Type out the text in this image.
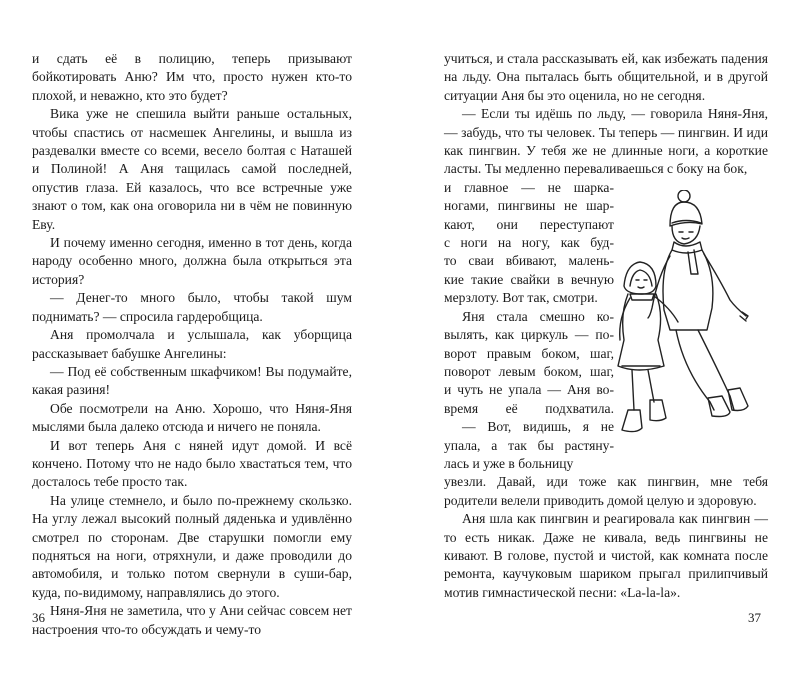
и сдать её в полицию, теперь призывают бойкотировать Аню? Им что, просто нужен кто-то плохой, и неважно, кто это будет?

Вика уже не спешила выйти раньше остальных, чтобы спастись от насмешек Ангелины, и вышла из раздевалки вместе со всеми, весело болтая с Наташей и Полиной! А Аня тащилась самой последней, опустив глаза. Ей казалось, что все встречные уже знают о том, как она оговорила ни в чём не повинную Еву.

И почему именно сегодня, именно в тот день, когда народу особенно много, должна была открыться эта история?

— Денег-то много было, чтобы такой шум поднимать? — спросила гардеробщица.

Аня промолчала и услышала, как уборщица рассказывает бабушке Ангелины:

— Под её собственным шкафчиком! Вы подумайте, какая разиня!

Обе посмотрели на Аню. Хорошо, что Няня-Яня мыслями была далеко отсюда и ничего не поняла.

И вот теперь Аня с няней идут домой. И всё кончено. Потому что не надо было хвастаться тем, что досталось тебе просто так.

На улице стемнело, и было по-прежнему скользко. На углу лежал высокий полный дяденька и удивлённо смотрел по сторонам. Две старушки помогли ему подняться на ноги, отряхнули, и даже проводили до автомобиля, и только потом свернули в суши-бар, куда, по-видимому, направлялись до этого.

Няня-Яня не заметила, что у Ани сейчас совсем нет настроения что-то обсуждать и чему-то

36

учиться, и стала рассказывать ей, как избежать падения на льду. Она пыталась быть общительной, и в другой ситуации Аня бы это оценила, но не сегодня.

— Если ты идёшь по льду, — говорила Няня-Яня, — забудь, что ты человек. Ты теперь — пингвин. И иди как пингвин. У тебя же не длинные ноги, а короткие ласты. Ты медленно переваливаешься с боку на бок,

и главное — не шарка-
ногами, пингвины не шар-
кают, они переступают
с ноги на ногу, как буд-
то сваи вбивают, малень-
кие такие свайки в вечную
мерзлоту. Вот так, смотри.
Яня стала смешно ко-
вылять, как циркуль — по-
ворот правым боком, шаг,
поворот левым боком, шаг,
и чуть не упала — Аня во-
время её подхватила.
— Вот, видишь, я не
упала, а так бы растяну-
лась и уже в больницу

увезли. Давай, иди тоже как пингвин, мне тебя родители велели приводить домой целую и здоровую.

Аня шла как пингвин и реагировала как пингвин — то есть никак. Даже не кивала, ведь пингвины не кивают. В голове, пустой и чистой, как комната после ремонта, каучуковым шариком прыгал прилипчивый мотив гимнастической песни: «La-la-la».

37
